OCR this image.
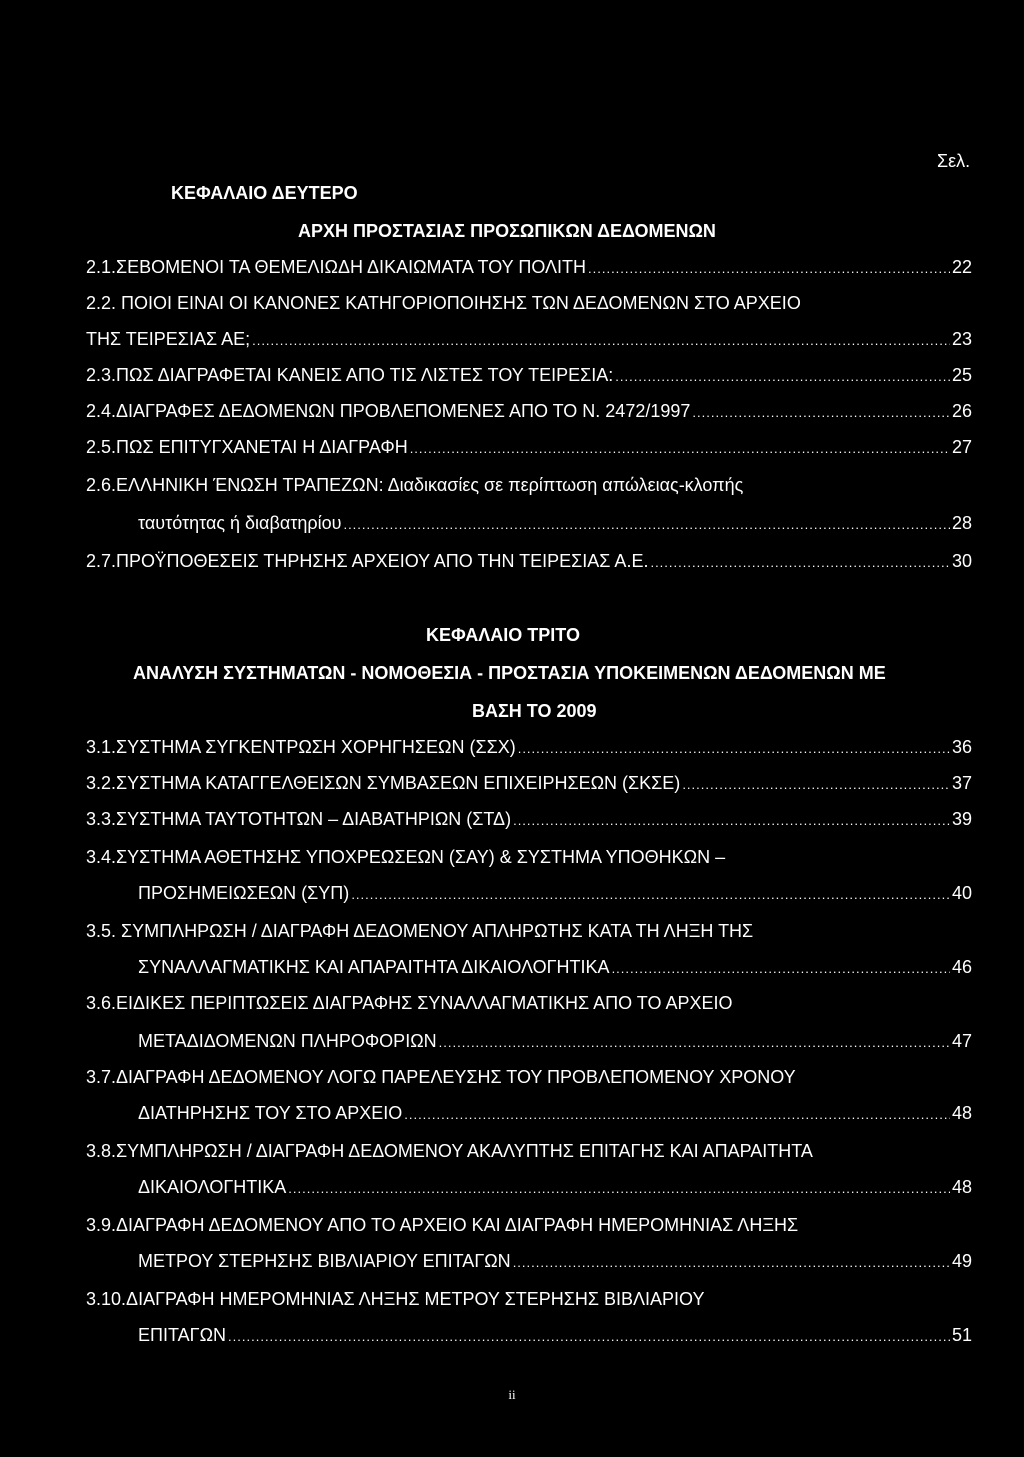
Σελ.
ΚΕΦΑΛΑΙΟ ΔΕΥΤΕΡΟ
ΑΡΧΗ ΠΡΟΣΤΑΣΙΑΣ ΠΡΟΣΩΠΙΚΩΝ ΔΕΔΟΜΕΝΩΝ
2.1.ΣΕΒΟΜΕΝΟΙ ΤΑ ΘΕΜΕΛΙΩΔΗ ΔΙΚΑΙΩΜΑΤΑ ΤΟΥ ΠΟΛΙΤΗ .....	22
2.2. ΠΟΙΟΙ ΕΙΝΑΙ ΟΙ ΚΑΝΟΝΕΣ ΚΑΤΗΓΟΡΙΟΠΟΙΗΣΗΣ ΤΩΝ ΔΕΔΟΜΕΝΩΝ ΣΤΟ ΑΡΧΕΙΟ
ΤΗΣ ΤΕΙΡΕΣΙΑΣ ΑΕ; .....	23
2.3.ΠΩΣ ΔΙΑΓΡΑΦΕΤΑΙ ΚΑΝΕΙΣ ΑΠΟ ΤΙΣ ΛΙΣΤΕΣ ΤΟΥ ΤΕΙΡΕΣΙΑ: .....	25
2.4.ΔΙΑΓΡΑΦΕΣ ΔΕΔΟΜΕΝΩΝ ΠΡΟΒΛΕΠΟΜΕΝΕΣ ΑΠΟ ΤΟ Ν. 2472/1997 .....	26
2.5.ΠΩΣ ΕΠΙΤΥΓΧΑΝΕΤΑΙ Η ΔΙΑΓΡΑΦΗ .....	27
2.6.ΕΛΛΗΝΙΚΗ ΈΝΩΣΗ ΤΡΑΠΕΖΩΝ: Διαδικασίες σε περίπτωση απώλειας-κλοπής
ταυτότητας ή διαβατηρίου .....	28
2.7.ΠΡΟΫΠΟΘΕΣΕΙΣ ΤΗΡΗΣΗΣ ΑΡΧΕΙΟΥ ΑΠΟ ΤΗΝ ΤΕΙΡΕΣΙΑΣ Α.Ε. .....	30
ΚΕΦΑΛΑΙΟ ΤΡΙΤΟ
ΑΝΑΛΥΣΗ ΣΥΣΤΗΜΑΤΩΝ - ΝΟΜΟΘΕΣΙΑ - ΠΡΟΣΤΑΣΙΑ ΥΠΟΚΕΙΜΕΝΩΝ ΔΕΔΟΜΕΝΩΝ ΜΕ
ΒΑΣΗ ΤΟ 2009
3.1.ΣΥΣΤΗΜΑ ΣΥΓΚΕΝΤΡΩΣΗ ΧΟΡΗΓΗΣΕΩΝ (ΣΣΧ) .....	36
3.2.ΣΥΣΤΗΜΑ ΚΑΤΑΓΓΕΛΘΕΙΣΩΝ ΣΥΜΒΑΣΕΩΝ ΕΠΙΧΕΙΡΗΣΕΩΝ (ΣΚΣΕ) .....	37
3.3.ΣΥΣΤΗΜΑ ΤΑΥΤΟΤΗΤΩΝ – ΔΙΑΒΑΤΗΡΙΩΝ (ΣΤΔ) .....	39
3.4.ΣΥΣΤΗΜΑ ΑΘΕΤΗΣΗΣ ΥΠΟΧΡΕΩΣΕΩΝ (ΣΑΥ) & ΣΥΣΤΗΜΑ ΥΠΟΘΗΚΩΝ –
ΠΡΟΣΗΜΕΙΩΣΕΩΝ (ΣΥΠ) .....	40
3.5. ΣΥΜΠΛΗΡΩΣΗ / ΔΙΑΓΡΑΦΗ ΔΕΔΟΜΕΝΟΥ ΑΠΛΗΡΩΤΗΣ ΚΑΤΑ ΤΗ ΛΗΞΗ ΤΗΣ
ΣΥΝΑΛΛΑΓΜΑΤΙΚΗΣ ΚΑΙ ΑΠΑΡΑΙΤΗΤΑ ΔΙΚΑΙΟΛΟΓΗΤΙΚΑ .....	46
3.6.ΕΙΔΙΚΕΣ ΠΕΡΙΠΤΩΣΕΙΣ ΔΙΑΓΡΑΦΗΣ ΣΥΝΑΛΛΑΓΜΑΤΙΚΗΣ ΑΠΟ ΤΟ ΑΡΧΕΙΟ
ΜΕΤΑΔΙΔΟΜΕΝΩΝ ΠΛΗΡΟΦΟΡΙΩΝ .....	47
3.7.ΔΙΑΓΡΑΦΗ ΔΕΔΟΜΕΝΟΥ ΛΟΓΩ ΠΑΡΕΛΕΥΣΗΣ ΤΟΥ ΠΡΟΒΛΕΠΟΜΕΝΟΥ ΧΡΟΝΟΥ
ΔΙΑΤΗΡΗΣΗΣ ΤΟΥ ΣΤΟ ΑΡΧΕΙΟ .....	48
3.8.ΣΥΜΠΛΗΡΩΣΗ / ΔΙΑΓΡΑΦΗ ΔΕΔΟΜΕΝΟΥ ΑΚΑΛΥΠΤΗΣ ΕΠΙΤΑΓΗΣ ΚΑΙ ΑΠΑΡΑΙΤΗΤΑ
ΔΙΚΑΙΟΛΟΓΗΤΙΚΑ .....	48
3.9.ΔΙΑΓΡΑΦΗ ΔΕΔΟΜΕΝΟΥ ΑΠΟ ΤΟ ΑΡΧΕΙΟ ΚΑΙ ΔΙΑΓΡΑΦΗ ΗΜΕΡΟΜΗΝΙΑΣ ΛΗΞΗΣ
ΜΕΤΡΟΥ ΣΤΕΡΗΣΗΣ ΒΙΒΛΙΑΡΙΟΥ ΕΠΙΤΑΓΩΝ .....	49
3.10.ΔΙΑΓΡΑΦΗ ΗΜΕΡΟΜΗΝΙΑΣ ΛΗΞΗΣ ΜΕΤΡΟΥ ΣΤΕΡΗΣΗΣ ΒΙΒΛΙΑΡΙΟΥ
ΕΠΙΤΑΓΩΝ .....	51
ii
